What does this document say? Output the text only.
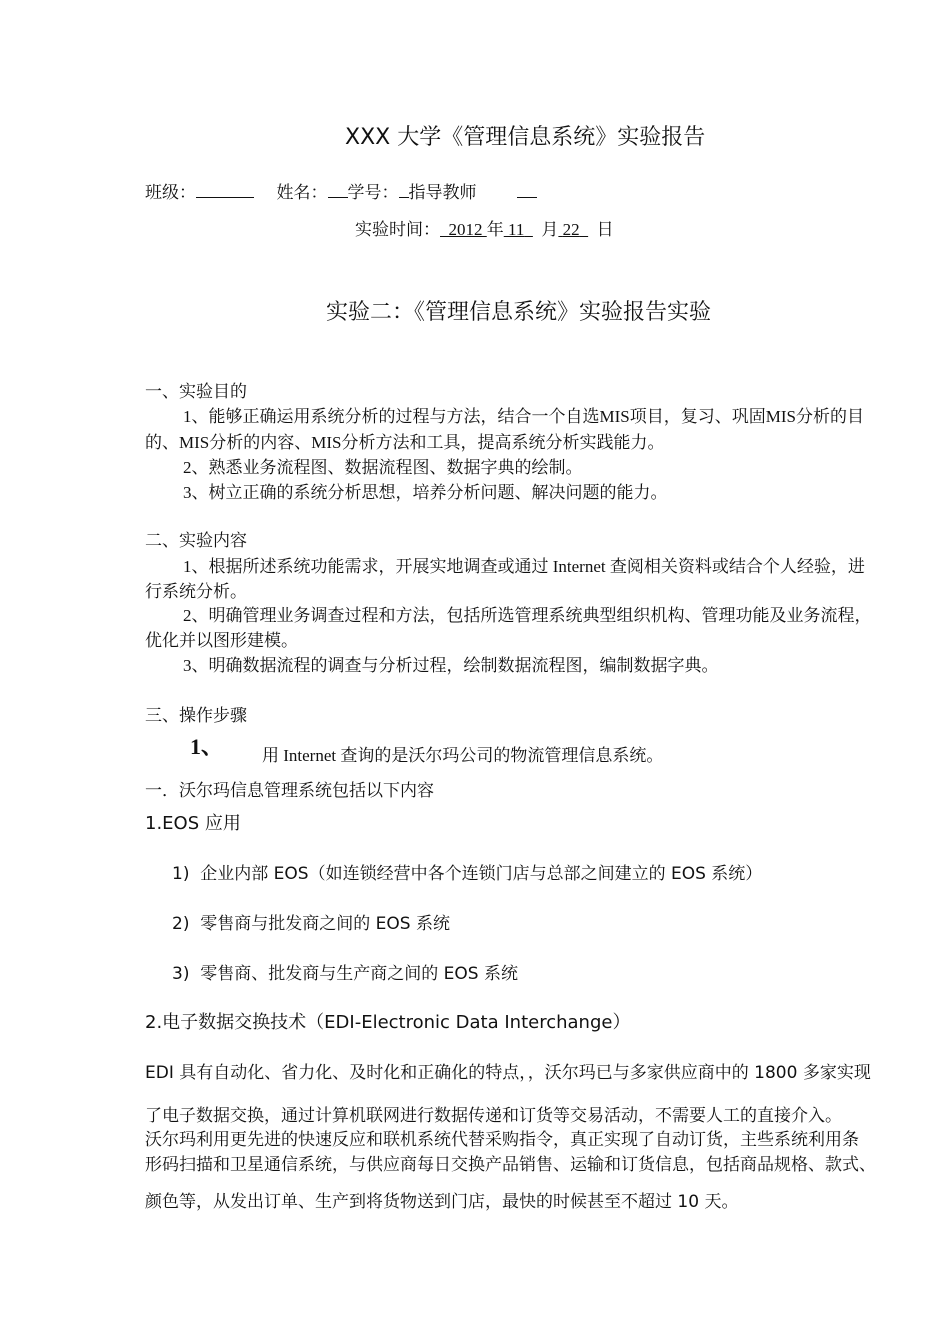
XXX 大学《管理信息系统》实验报告
班级：	姓名： 学号： 指导教师
实验时间： 2012 年 11 月 22 日
实验二：《管理信息系统》实验报告实验
一、实验目的
1、能够正确运用系统分析的过程与方法，结合一个自选MIS项目，复习、巩固MIS分析的目
的、MIS分析的内容、MIS分析方法和工具，提高系统分析实践能力。
2、熟悉业务流程图、数据流程图、数据字典的绘制。
3、树立正确的系统分析思想，培养分析问题、解决问题的能力。
二、实验内容
1、根据所述系统功能需求，开展实地调查或通过 Internet 查阅相关资料或结合个人经验，进
行系统分析。
2、明确管理业务调查过程和方法，包括所选管理系统典型组织机构、管理功能及业务流程，
优化并以图形建模。
3、明确数据流程的调查与分析过程，绘制数据流程图，编制数据字典。
三、操作步骤
1、 用 Internet 查询的是沃尔玛公司的物流管理信息系统。
一．沃尔玛信息管理系统包括以下内容
1.EOS 应用
1) 企业内部 EOS（如连锁经营中各个连锁门店与总部之间建立的 EOS 系统）
2) 零售商与批发商之间的 EOS 系统
3) 零售商、批发商与生产商之间的 EOS 系统
2.电子数据交换技术（EDI-Electronic Data Interchange）
EDI 具有自动化、省力化、及时化和正确化的特点，，沃尔玛已与多家供应商中的 1800 多家实现
了电子数据交换，通过计算机联网进行数据传递和订货等交易活动，不需要人工的直接介入。
沃尔玛利用更先进的快速反应和联机系统代替采购指令，真正实现了自动订货，主些系统利用条
形码扫描和卫星通信系统，与供应商每日交换产品销售、运输和订货信息，包括商品规格、款式、
颜色等，从发出订单、生产到将货物送到门店，最快的时候甚至不超过 10 天。
